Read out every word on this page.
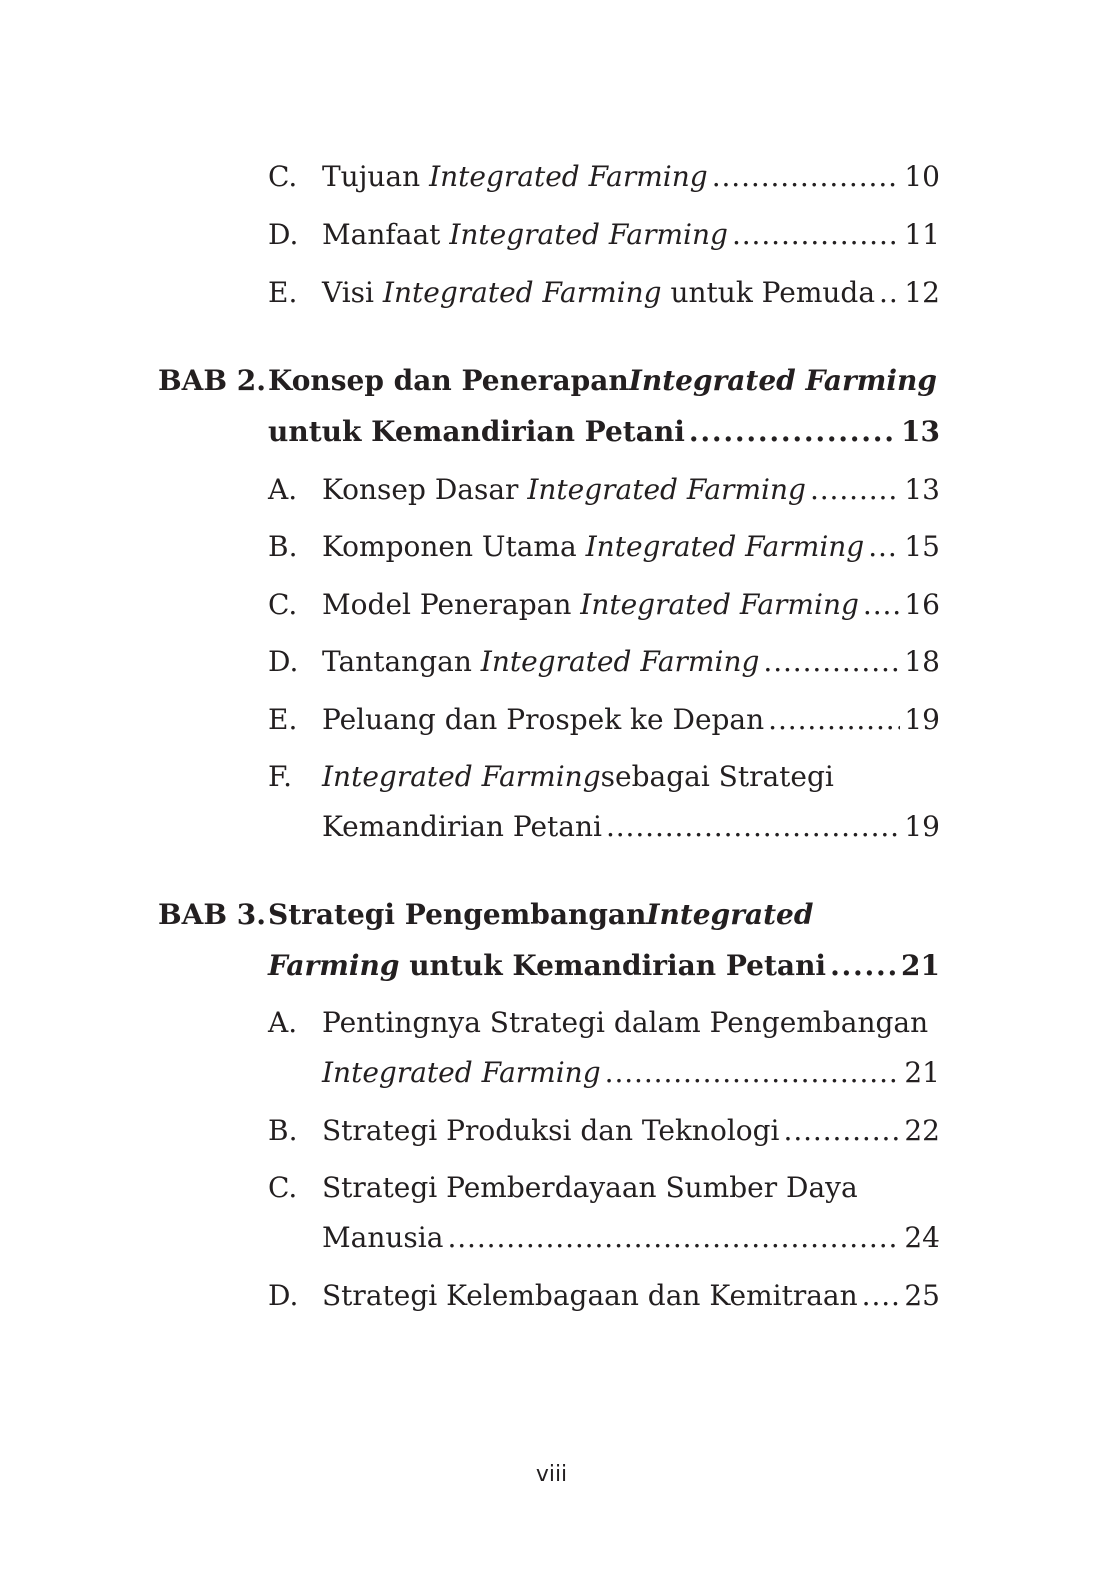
C. Tujuan Integrated Farming . . .	10
D. Manfaat Integrated Farming . . .	11
E. Visi Integrated Farming untuk Pemuda . . . 12
BAB 2. Konsep dan Penerapan Integrated Farming
untuk Kemandirian Petani . . .	13
A. Konsep Dasar Integrated Farming . . .	13
B. Komponen Utama Integrated Farming . . . 15
C. Model Penerapan Integrated Farming . . . 16
D. Tantangan Integrated Farming . . .	18
E. Peluang dan Prospek ke Depan . . .	19
F. Integrated Farming sebagai Strategi
Kemandirian Petani . . .	19
BAB 3. Strategi Pengembangan Integrated
Farming untuk Kemandirian Petani . . .	21
A. Pentingnya Strategi dalam Pengembangan
Integrated Farming . . .	21
B. Strategi Produksi dan Teknologi . . .	22
C. Strategi Pemberdayaan Sumber Daya
Manusia . . .	24
D. Strategi Kelembagaan dan Kemitraan . . . 25
viii
